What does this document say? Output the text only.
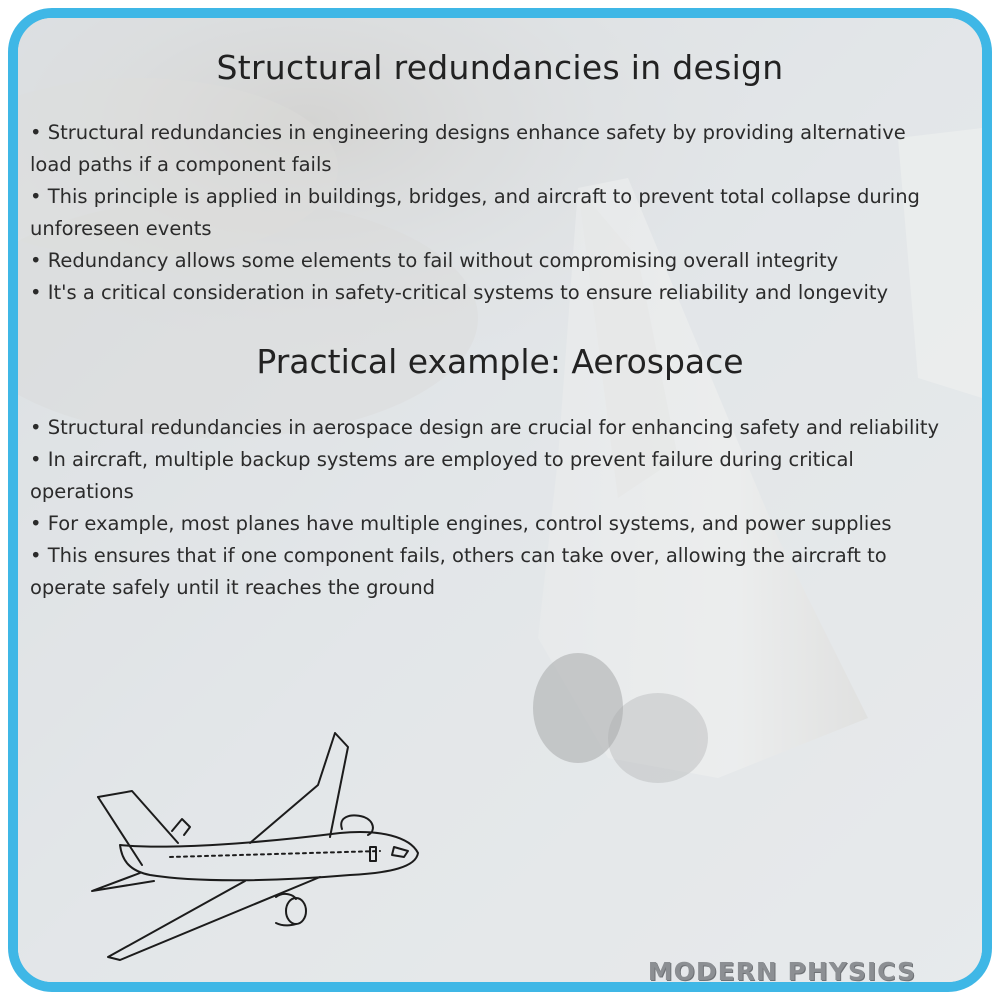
Structural redundancies in design
• Structural redundancies in engineering designs enhance safety by providing alternative load paths if a component fails
• This principle is applied in buildings, bridges, and aircraft to prevent total collapse during unforeseen events
• Redundancy allows some elements to fail without compromising overall integrity
• It's a critical consideration in safety-critical systems to ensure reliability and longevity
Practical example: Aerospace
• Structural redundancies in aerospace design are crucial for enhancing safety and reliability
• In aircraft, multiple backup systems are employed to prevent failure during critical operations
• For example, most planes have multiple engines, control systems, and power supplies
• This ensures that if one component fails, others can take over, allowing the aircraft to operate safely until it reaches the ground
MODERN PHYSICS
